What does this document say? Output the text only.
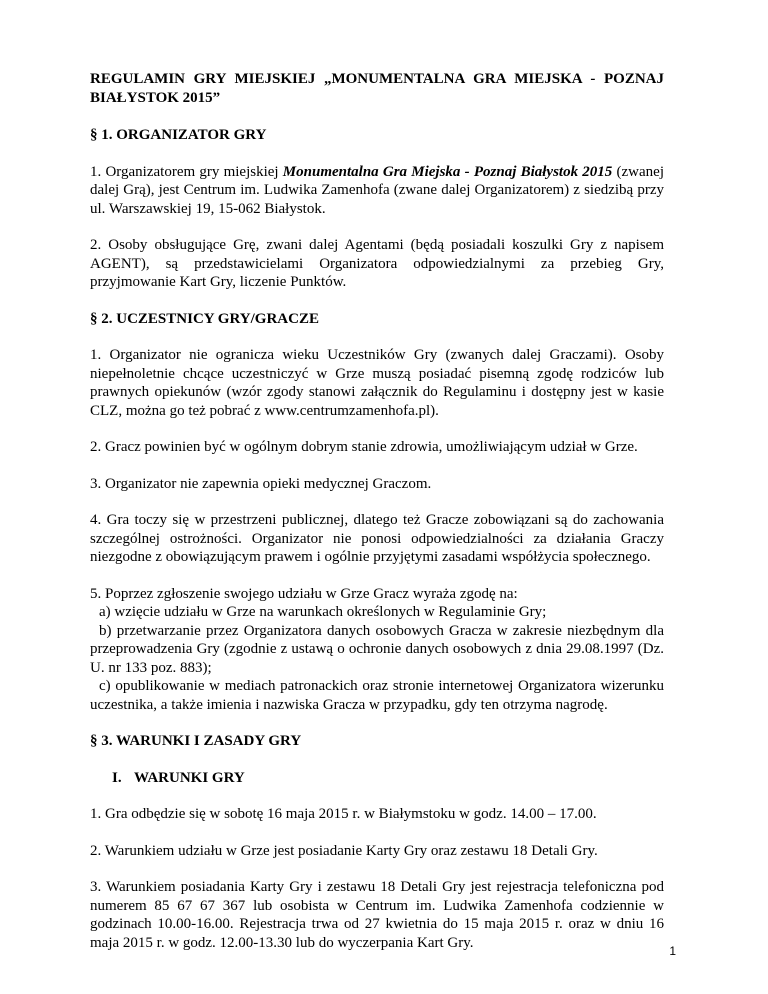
REGULAMIN GRY MIEJSKIEJ „MONUMENTALNA GRA MIEJSKA - POZNAJ BIAŁYSTOK 2015”
§ 1. ORGANIZATOR GRY
1. Organizatorem gry miejskiej Monumentalna Gra Miejska - Poznaj Białystok 2015 (zwanej dalej Grą), jest Centrum im. Ludwika Zamenhofa (zwane dalej Organizatorem) z siedzibą przy ul. Warszawskiej 19, 15-062 Białystok.
2. Osoby obsługujące Grę, zwani dalej Agentami (będą posiadali koszulki Gry z napisem AGENT), są przedstawicielami Organizatora odpowiedzialnymi za przebieg Gry, przyjmowanie Kart Gry, liczenie Punktów.
§ 2. UCZESTNICY GRY/GRACZE
1. Organizator nie ogranicza wieku Uczestników Gry (zwanych dalej Graczami). Osoby niepełnoletnie chcące uczestniczyć w Grze muszą posiadać pisemną zgodę rodziców lub prawnych opiekunów (wzór zgody stanowi załącznik do Regulaminu i dostępny jest w kasie CLZ, można go też pobrać z www.centrumzamenhofa.pl).
2. Gracz powinien być w ogólnym dobrym stanie zdrowia, umożliwiającym udział w Grze.
3. Organizator nie zapewnia opieki medycznej Graczom.
4. Gra toczy się w przestrzeni publicznej, dlatego też Gracze zobowiązani są do zachowania szczególnej ostrożności. Organizator nie ponosi odpowiedzialności za działania Graczy niezgodne z obowiązującym prawem i ogólnie przyjętymi zasadami współżycia społecznego.
5. Poprzez zgłoszenie swojego udziału w Grze Gracz wyraża zgodę na:
a) wzięcie udziału w Grze na warunkach określonych w Regulaminie Gry;
b) przetwarzanie przez Organizatora danych osobowych Gracza w zakresie niezbędnym dla przeprowadzenia Gry (zgodnie z ustawą o ochronie danych osobowych z dnia 29.08.1997 (Dz. U. nr 133 poz. 883);
c) opublikowanie w mediach patronackich oraz stronie internetowej Organizatora wizerunku uczestnika, a także imienia i nazwiska Gracza w przypadku, gdy ten otrzyma nagrodę.
§ 3. WARUNKI I ZASADY GRY
I. WARUNKI GRY
1. Gra odbędzie się w sobotę 16 maja 2015 r. w Białymstoku w godz. 14.00 – 17.00.
2. Warunkiem udziału w Grze jest posiadanie Karty Gry oraz zestawu 18 Detali Gry.
3. Warunkiem posiadania Karty Gry i zestawu 18 Detali Gry jest rejestracja telefoniczna pod numerem 85 67 67 367 lub osobista w Centrum im. Ludwika Zamenhofa codziennie w godzinach 10.00-16.00. Rejestracja trwa od 27 kwietnia do 15 maja 2015 r. oraz w dniu 16 maja 2015 r. w godz. 12.00-13.30 lub do wyczerpania Kart Gry.
1
